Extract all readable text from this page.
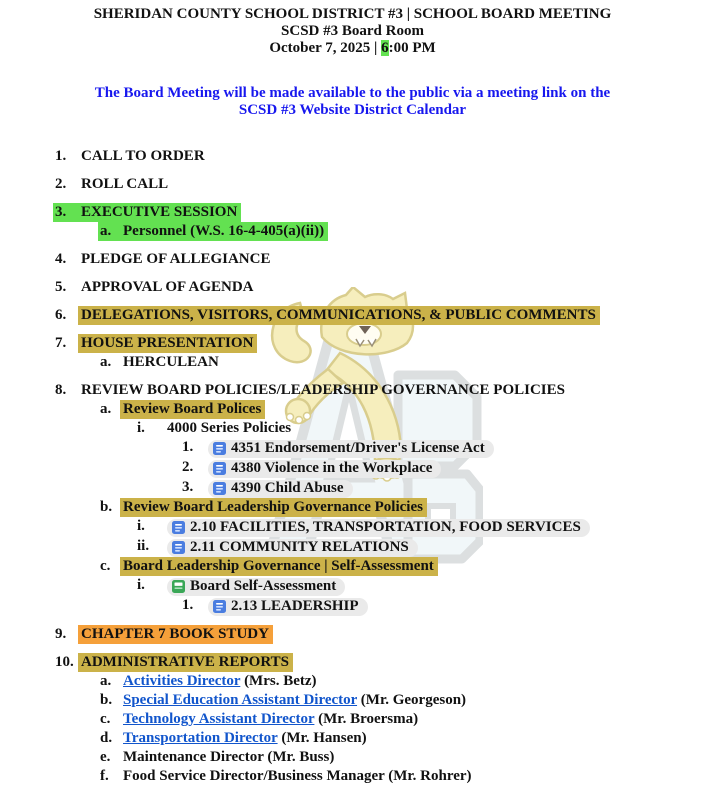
SHERIDAN COUNTY SCHOOL DISTRICT #3 | SCHOOL BOARD MEETING
SCSD #3 Board Room
October 7, 2025 | 6:00 PM
The Board Meeting will be made available to the public via a meeting link on the
SCSD #3 Website District Calendar
1. CALL TO ORDER
2. ROLL CALL
3. EXECUTIVE SESSION
a. Personnel (W.S. 16-4-405(a)(ii))
4. PLEDGE OF ALLEGIANCE
5. APPROVAL OF AGENDA
6. DELEGATIONS, VISITORS, COMMUNICATIONS, & PUBLIC COMMENTS
7. HOUSE PRESENTATION
a. HERCULEAN
8. REVIEW BOARD POLICIES/LEADERSHIP GOVERNANCE POLICIES
a. Review Board Polices
i. 4000 Series Policies
1.	4351 Endorsement/Driver's License Act
2.	4380 Violence in the Workplace
3.	4390 Child Abuse
b. Review Board Leadership Governance Policies
i.	2.10 FACILITIES, TRANSPORTATION, FOOD SERVICES
ii.	2.11 COMMUNITY RELATIONS
c. Board Leadership Governance | Self-Assessment
i.	Board Self-Assessment
1.	2.13 LEADERSHIP
9. CHAPTER 7 BOOK STUDY
10. ADMINISTRATIVE REPORTS
a. Activities Director (Mrs. Betz)
b. Special Education Assistant Director (Mr. Georgeson)
c. Technology Assistant Director (Mr. Broersma)
d. Transportation Director (Mr. Hansen)
e. Maintenance Director (Mr. Buss)
f. Food Service Director/Business Manager (Mr. Rohrer)
